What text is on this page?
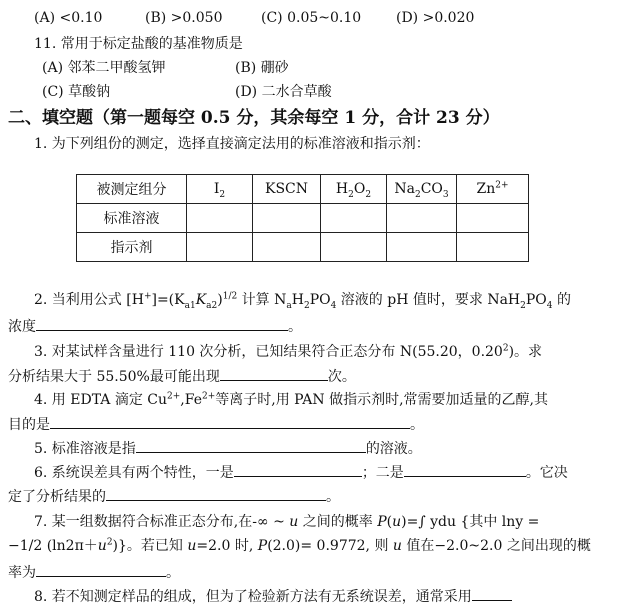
(A) <0.10	(B) >0.050	(C) 0.05~0.10 (D) >0.020
11. 常用于标定盐酸的基准物质是
(A) 邻苯二甲酸氢钾	(B) 硼砂
(C) 草酸钠	(D) 二水合草酸
二、填空题（第一题每空 0.5 分，其余每空 1 分，合计 23 分）
1. 为下列组份的测定，选择直接滴定法用的标准溶液和指示剂：
被测定组分	$I_2$	KSCN	$H_2O_2$	$Na_2CO_3$	$Zn^{2+}$
标准溶液					
指示剂					
2. 当利用公式 $[H^+]=(K_{a1}K_{a2})^{1/2}$ 计算 $N_aH_2PO_4$ 溶液的 pH 值时，要求 $NaH_2PO_4$ 的
浓度	。
3. 对某试样含量进行 110 次分析，已知结果符合正态分布 N(55.20，0.20$^2$)。求
分析结果大于 55.50%最可能出现	次。
4. 用 EDTA 滴定 $Cu^{2+},Fe^{2+}$等离子时,用 PAN 做指示剂时,常需要加适量的乙醇,其
目的是	。
5. 标准溶液是指	的溶液。
6. 系统误差具有两个特性，一是	；二是	。它决
定了分析结果的	。
7. 某一组数据符合标准正态分布,在-∞ ~ u 之间的概率 P(u)=∫ ydu {其中 lny =
−1/2 $(\ln 2\pi+u^2)$}。若已知 u=2.0 时, P(2.0)= 0.9772, 则 u 值在−2.0~2.0 之间出现的概
率为	。
8. 若不知测定样品的组成，但为了检验新方法有无系统误差，通常采用
